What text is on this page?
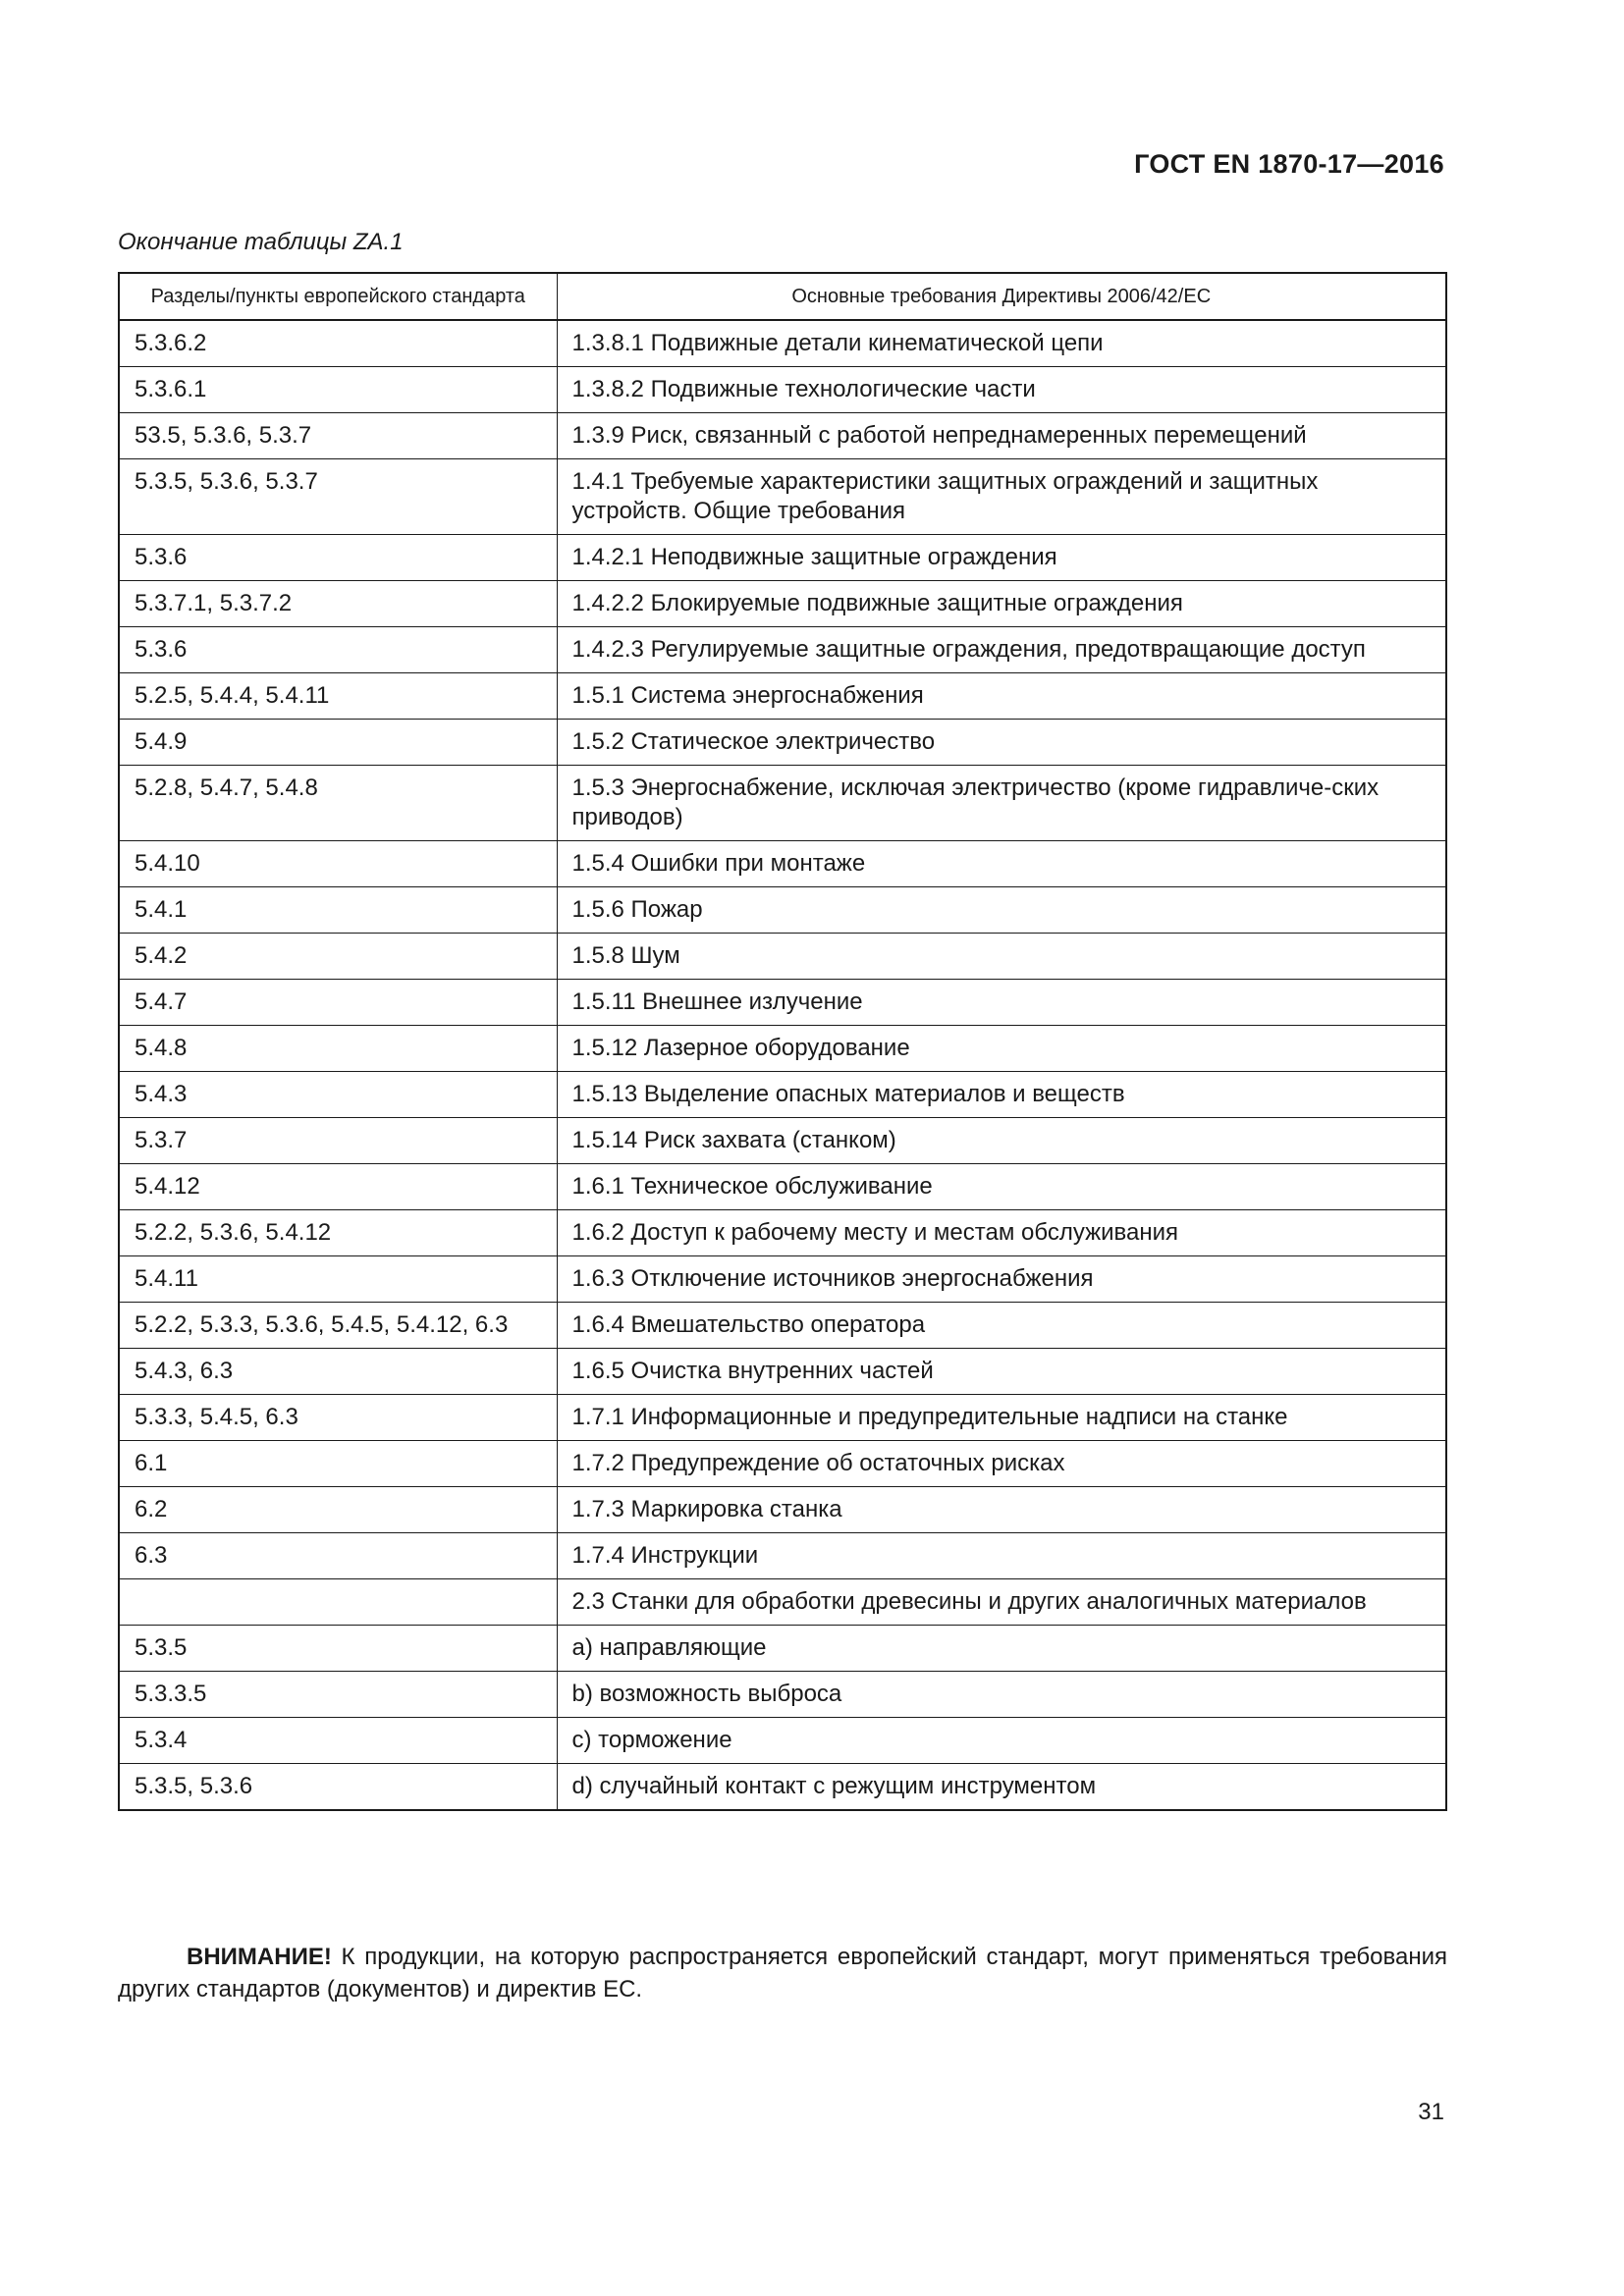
ГОСТ EN 1870-17—2016
Окончание таблицы ZA.1
Разделы/пункты европейского стандарта	Основные требования Директивы 2006/42/ЕС
5.3.6.2	1.3.8.1 Подвижные детали кинематической цепи
5.3.6.1	1.3.8.2 Подвижные технологические части
53.5, 5.3.6, 5.3.7	1.3.9 Риск, связанный с работой непреднамеренных перемещений
5.3.5, 5.3.6, 5.3.7	1.4.1 Требуемые характеристики защитных ограждений и защитных устройств. Общие требования
5.3.6	1.4.2.1 Неподвижные защитные ограждения
5.3.7.1, 5.3.7.2	1.4.2.2 Блокируемые подвижные защитные ограждения
5.3.6	1.4.2.3 Регулируемые защитные ограждения, предотвращающие доступ
5.2.5, 5.4.4, 5.4.11	1.5.1 Система энергоснабжения
5.4.9	1.5.2 Статическое электричество
5.2.8, 5.4.7, 5.4.8	1.5.3 Энергоснабжение, исключая электричество (кроме гидравличе-ских приводов)
5.4.10	1.5.4 Ошибки при монтаже
5.4.1	1.5.6 Пожар
5.4.2	1.5.8 Шум
5.4.7	1.5.11 Внешнее излучение
5.4.8	1.5.12 Лазерное оборудование
5.4.3	1.5.13 Выделение опасных материалов и веществ
5.3.7	1.5.14 Риск захвата (станком)
5.4.12	1.6.1 Техническое обслуживание
5.2.2, 5.3.6, 5.4.12	1.6.2 Доступ к рабочему месту и местам обслуживания
5.4.11	1.6.3 Отключение источников энергоснабжения
5.2.2, 5.3.3, 5.3.6, 5.4.5, 5.4.12, 6.3	1.6.4 Вмешательство оператора
5.4.3, 6.3	1.6.5 Очистка внутренних частей
5.3.3, 5.4.5, 6.3	1.7.1 Информационные и предупредительные надписи на станке
6.1	1.7.2 Предупреждение об остаточных рисках
6.2	1.7.3 Маркировка станка
6.3	1.7.4 Инструкции
	2.3 Станки для обработки древесины и других аналогичных материалов
5.3.5	a) направляющие
5.3.3.5	b) возможность выброса
5.3.4	c) торможение
5.3.5, 5.3.6	d) случайный контакт с режущим инструментом
ВНИМАНИЕ! К продукции, на которую распространяется европейский стандарт, могут применяться требования других стандартов (документов) и директив ЕС.
31
